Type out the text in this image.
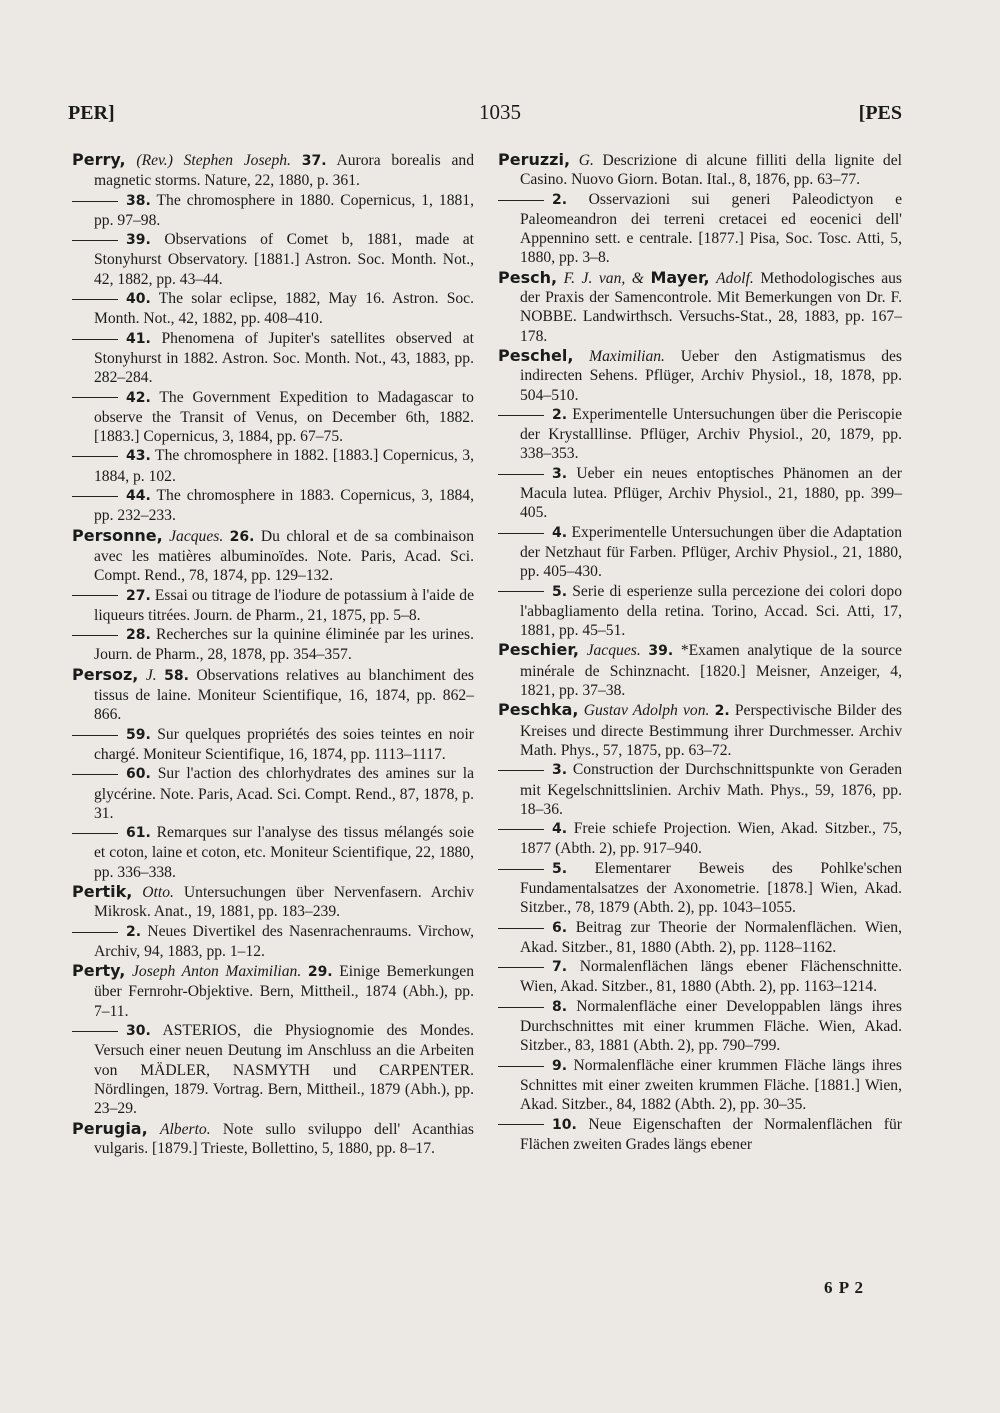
PER]	1035	[PES

Perry, (Rev.) Stephen Joseph. 37. Aurora borealis and magnetic storms. Nature, 22, 1880, p. 361.

38. The chromosphere in 1880. Copernicus, 1, 1881, pp. 97–98.

39. Observations of Comet b, 1881, made at Stonyhurst Observatory. [1881.] Astron. Soc. Month. Not., 42, 1882, pp. 43–44.

40. The solar eclipse, 1882, May 16. Astron. Soc. Month. Not., 42, 1882, pp. 408–410.

41. Phenomena of Jupiter's satellites observed at Stonyhurst in 1882. Astron. Soc. Month. Not., 43, 1883, pp. 282–284.

42. The Government Expedition to Madagascar to observe the Transit of Venus, on December 6th, 1882. [1883.] Copernicus, 3, 1884, pp. 67–75.

43. The chromosphere in 1882. [1883.] Copernicus, 3, 1884, p. 102.

44. The chromosphere in 1883. Copernicus, 3, 1884, pp. 232–233.

Personne, Jacques. 26. Du chloral et de sa combinaison avec les matières albuminoïdes. Note. Paris, Acad. Sci. Compt. Rend., 78, 1874, pp. 129–132.

27. Essai ou titrage de l'iodure de potassium à l'aide de liqueurs titrées. Journ. de Pharm., 21, 1875, pp. 5–8.

28. Recherches sur la quinine éliminée par les urines. Journ. de Pharm., 28, 1878, pp. 354–357.

Persoz, J. 58. Observations relatives au blanchiment des tissus de laine. Moniteur Scientifique, 16, 1874, pp. 862–866.

59. Sur quelques propriétés des soies teintes en noir chargé. Moniteur Scientifique, 16, 1874, pp. 1113–1117.

60. Sur l'action des chlorhydrates des amines sur la glycérine. Note. Paris, Acad. Sci. Compt. Rend., 87, 1878, p. 31.

61. Remarques sur l'analyse des tissus mélangés soie et coton, laine et coton, etc. Moniteur Scientifique, 22, 1880, pp. 336–338.

Pertik, Otto. Untersuchungen über Nervenfasern. Archiv Mikrosk. Anat., 19, 1881, pp. 183–239.

2. Neues Divertikel des Nasenrachenraums. Virchow, Archiv, 94, 1883, pp. 1–12.

Perty, Joseph Anton Maximilian. 29. Einige Bemerkungen über Fernrohr-Objektive. Bern, Mittheil., 1874 (Abh.), pp. 7–11.

30. ASTERIOS, die Physiognomie des Mondes. Versuch einer neuen Deutung im Anschluss an die Arbeiten von MÄDLER, NASMYTH und CARPENTER. Nördlingen, 1879. Vortrag. Bern, Mittheil., 1879 (Abh.), pp. 23–29.

Perugia, Alberto. Note sullo sviluppo dell' Acanthias vulgaris. [1879.] Trieste, Bollettino, 5, 1880, pp. 8–17.

Peruzzi, G. Descrizione di alcune filliti della lignite del Casino. Nuovo Giorn. Botan. Ital., 8, 1876, pp. 63–77.

2. Osservazioni sui generi Paleodictyon e Paleomeandron dei terreni cretacei ed eocenici dell' Appennino sett. e centrale. [1877.] Pisa, Soc. Tosc. Atti, 5, 1880, pp. 3–8.

Pesch, F. J. van, & Mayer, Adolf. Methodologisches aus der Praxis der Samencontrole. Mit Bemerkungen von Dr. F. NOBBE. Landwirthsch. Versuchs-Stat., 28, 1883, pp. 167–178.

Peschel, Maximilian. Ueber den Astigmatismus des indirecten Sehens. Pflüger, Archiv Physiol., 18, 1878, pp. 504–510.

2. Experimentelle Untersuchungen über die Periscopie der Krystalllinse. Pflüger, Archiv Physiol., 20, 1879, pp. 338–353.

3. Ueber ein neues entoptisches Phänomen an der Macula lutea. Pflüger, Archiv Physiol., 21, 1880, pp. 399–405.

4. Experimentelle Untersuchungen über die Adaptation der Netzhaut für Farben. Pflüger, Archiv Physiol., 21, 1880, pp. 405–430.

5. Serie di esperienze sulla percezione dei colori dopo l'abbagliamento della retina. Torino, Accad. Sci. Atti, 17, 1881, pp. 45–51.

Peschier, Jacques. 39. *Examen analytique de la source minérale de Schinznacht. [1820.] Meisner, Anzeiger, 4, 1821, pp. 37–38.

Peschka, Gustav Adolph von. 2. Perspectivische Bilder des Kreises und directe Bestimmung ihrer Durchmesser. Archiv Math. Phys., 57, 1875, pp. 63–72.

3. Construction der Durchschnittspunkte von Geraden mit Kegelschnittslinien. Archiv Math. Phys., 59, 1876, pp. 18–36.

4. Freie schiefe Projection. Wien, Akad. Sitzber., 75, 1877 (Abth. 2), pp. 917–940.

5. Elementarer Beweis des Pohlke'schen Fundamentalsatzes der Axonometrie. [1878.] Wien, Akad. Sitzber., 78, 1879 (Abth. 2), pp. 1043–1055.

6. Beitrag zur Theorie der Normalenflächen. Wien, Akad. Sitzber., 81, 1880 (Abth. 2), pp. 1128–1162.

7. Normalenflächen längs ebener Flächenschnitte. Wien, Akad. Sitzber., 81, 1880 (Abth. 2), pp. 1163–1214.

8. Normalenfläche einer Developpablen längs ihres Durchschnittes mit einer krummen Fläche. Wien, Akad. Sitzber., 83, 1881 (Abth. 2), pp. 790–799.

9. Normalenfläche einer krummen Fläche längs ihres Schnittes mit einer zweiten krummen Fläche. [1881.] Wien, Akad. Sitzber., 84, 1882 (Abth. 2), pp. 30–35.

10. Neue Eigenschaften der Normalenflächen für Flächen zweiten Grades längs ebener

6 P 2
